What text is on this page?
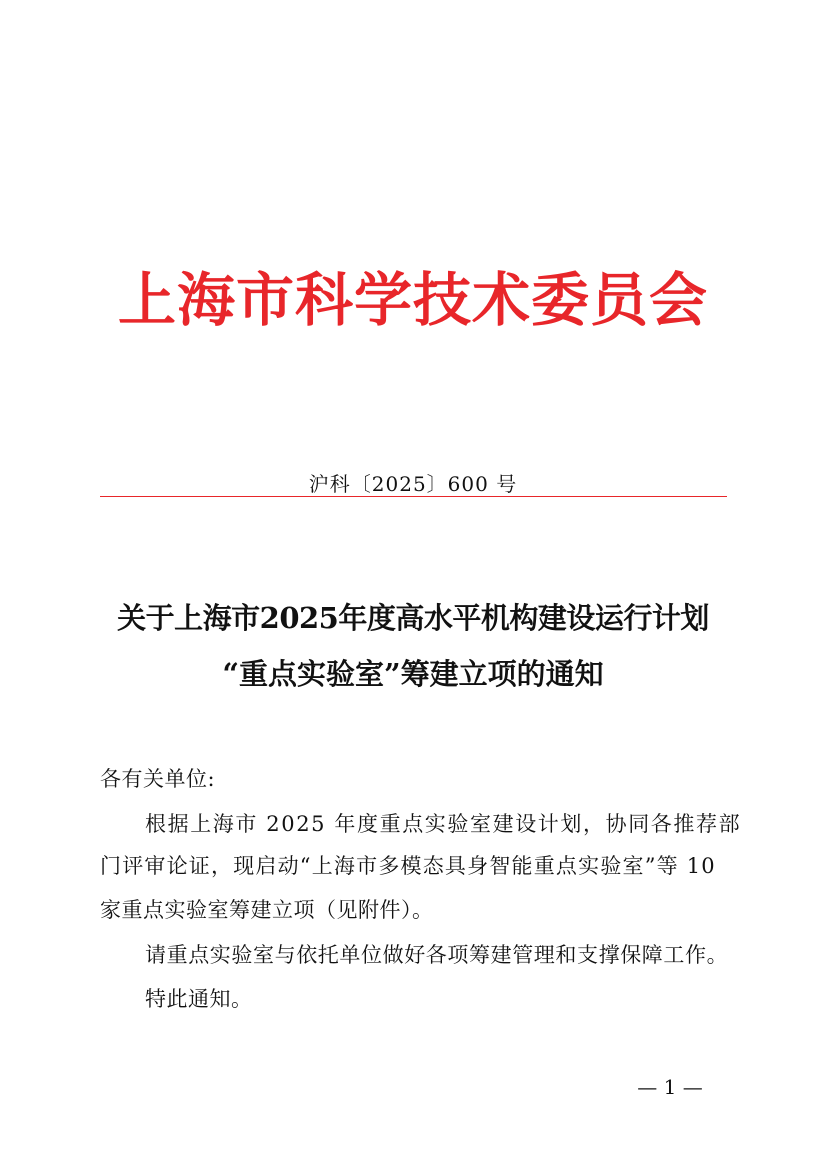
上海市科学技术委员会
沪科〔2025〕600 号
关于上海市2025年度高水平机构建设运行计划
“重点实验室”筹建立项的通知
各有关单位:
根据上海市 2025 年度重点实验室建设计划，协同各推荐部
门评审论证，现启动“上海市多模态具身智能重点实验室”等 10
家重点实验室筹建立项（见附件）。
请重点实验室与依托单位做好各项筹建管理和支撑保障工作。
特此通知。
— 1 —
